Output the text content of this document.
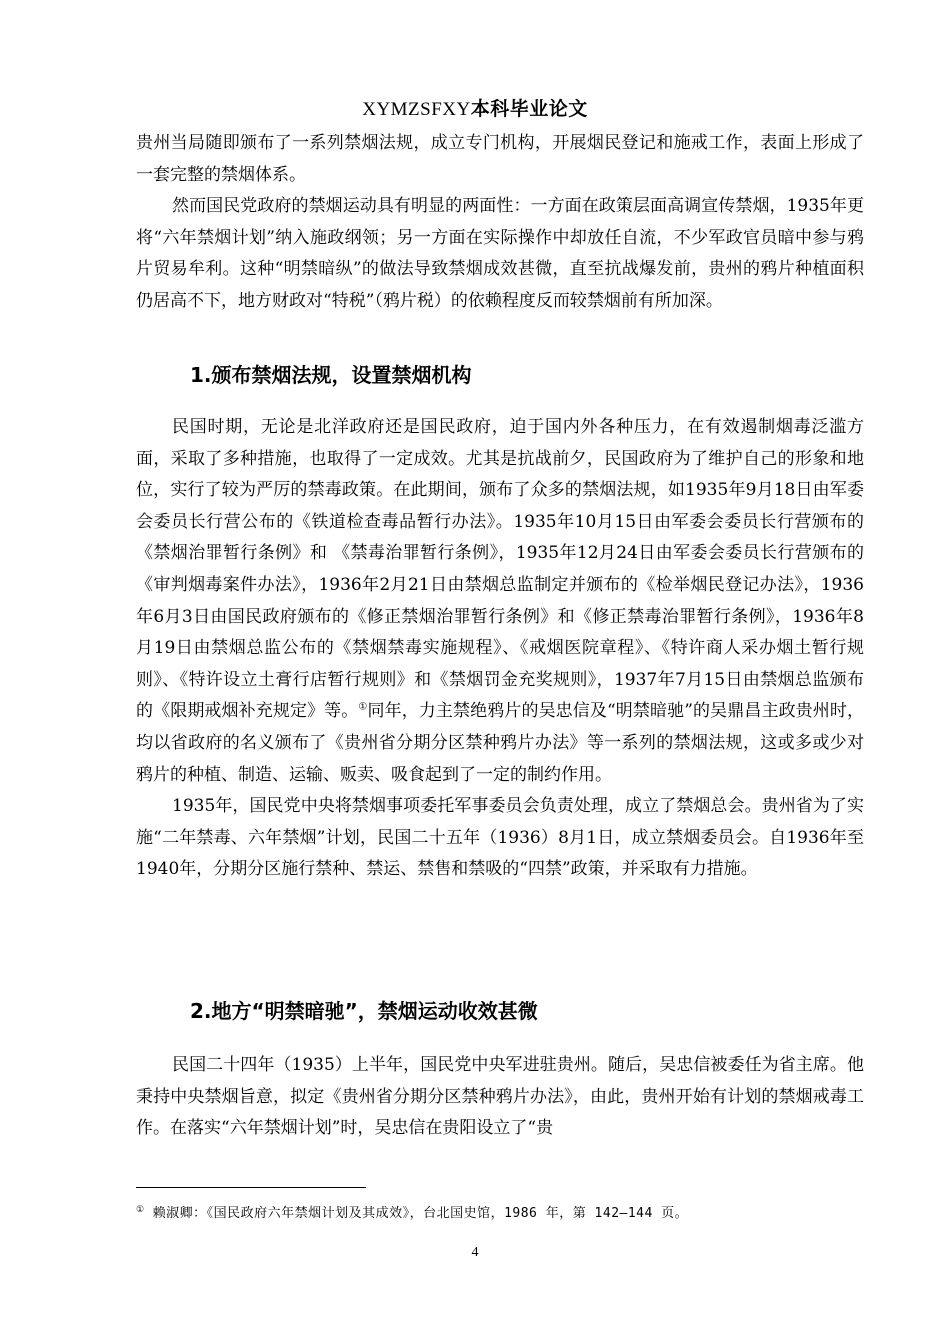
XYMZSFXY本科毕业论文

贵州当局随即颁布了一系列禁烟法规，成立专门机构，开展烟民登记和施戒工作，表面上形成了一套完整的禁烟体系。

然而国民党政府的禁烟运动具有明显的两面性：一方面在政策层面高调宣传禁烟，1935年更将“六年禁烟计划”纳入施政纲领；另一方面在实际操作中却放任自流，不少军政官员暗中参与鸦片贸易牟利。这种“明禁暗纵”的做法导致禁烟成效甚微，直至抗战爆发前，贵州的鸦片种植面积仍居高不下，地方财政对“特税”（鸦片税）的依赖程度反而较禁烟前有所加深。

1.颁布禁烟法规，设置禁烟机构

民国时期，无论是北洋政府还是国民政府，迫于国内外各种压力，在有效遏制烟毒泛滥方面，采取了多种措施，也取得了一定成效。尤其是抗战前夕，民国政府为了维护自己的形象和地位，实行了较为严厉的禁毒政策。在此期间，颁布了众多的禁烟法规，如1935年9月18日由军委会委员长行营公布的《铁道检查毒品暂行办法》。1935年10月15日由军委会委员长行营颁布的《禁烟治罪暂行条例》和 《禁毒治罪暂行条例》，1935年12月24日由军委会委员长行营颁布的《审判烟毒案件办法》，1936年2月21日由禁烟总监制定并颁布的《检举烟民登记办法》，1936年6月3日由国民政府颁布的《修正禁烟治罪暂行条例》和《修正禁毒治罪暂行条例》，1936年8月19日由禁烟总监公布的《禁烟禁毒实施规程》、《戒烟医院章程》、《特许商人采办烟土暂行规则》、《特许设立土膏行店暂行规则》和《禁烟罚金充奖规则》，1937年7月15日由禁烟总监颁布的《限期戒烟补充规定》等。①同年，力主禁绝鸦片的吴忠信及“明禁暗驰”的吴鼎昌主政贵州时，均以省政府的名义颁布了《贵州省分期分区禁种鸦片办法》等一系列的禁烟法规，这或多或少对鸦片的种植、制造、运输、贩卖、吸食起到了一定的制约作用。

1935年，国民党中央将禁烟事项委托军事委员会负责处理，成立了禁烟总会。贵州省为了实施“二年禁毒、六年禁烟”计划，民国二十五年（1936）8月1日，成立禁烟委员会。自1936年至1940年，分期分区施行禁种、禁运、禁售和禁吸的“四禁”政策，并采取有力措施。

2.地方“明禁暗驰”，禁烟运动收效甚微

民国二十四年（1935）上半年，国民党中央军进驻贵州。随后，吴忠信被委任为省主席。他秉持中央禁烟旨意，拟定《贵州省分期分区禁种鸦片办法》，由此，贵州开始有计划的禁烟戒毒工作。在落实“六年禁烟计划”时，吴忠信在贵阳设立了“贵

① 赖淑卿：《国民政府六年禁烟计划及其成效》，台北国史馆，1986 年，第 142—144 页。
4
